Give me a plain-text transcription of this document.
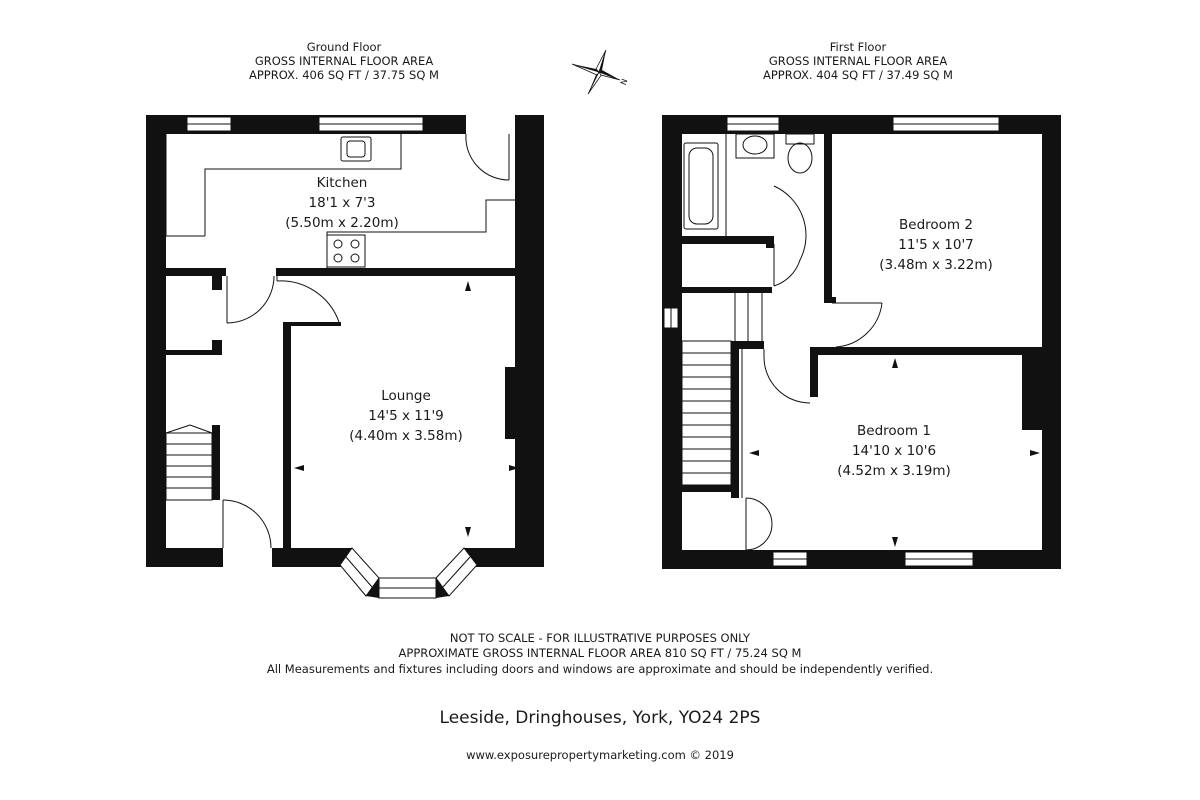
N
Ground Floor
GROSS INTERNAL FLOOR AREA
APPROX. 406 SQ FT / 37.75 SQ M
First Floor
GROSS INTERNAL FLOOR AREA
APPROX. 404 SQ FT / 37.49 SQ M
Kitchen
18'1 x 7'3
(5.50m x 2.20m)
Lounge
14'5 x 11'9
(4.40m x 3.58m)
Bedroom 2
11'5 x 10'7
(3.48m x 3.22m)
Bedroom 1
14'10 x 10'6
(4.52m x 3.19m)
NOT TO SCALE - FOR ILLUSTRATIVE PURPOSES ONLY
APPROXIMATE GROSS INTERNAL FLOOR AREA 810 SQ FT / 75.24 SQ M
All Measurements and fixtures including doors and windows are approximate and should be independently verified.
Leeside, Dringhouses, York, YO24 2PS
www.exposurepropertymarketing.com © 2019
